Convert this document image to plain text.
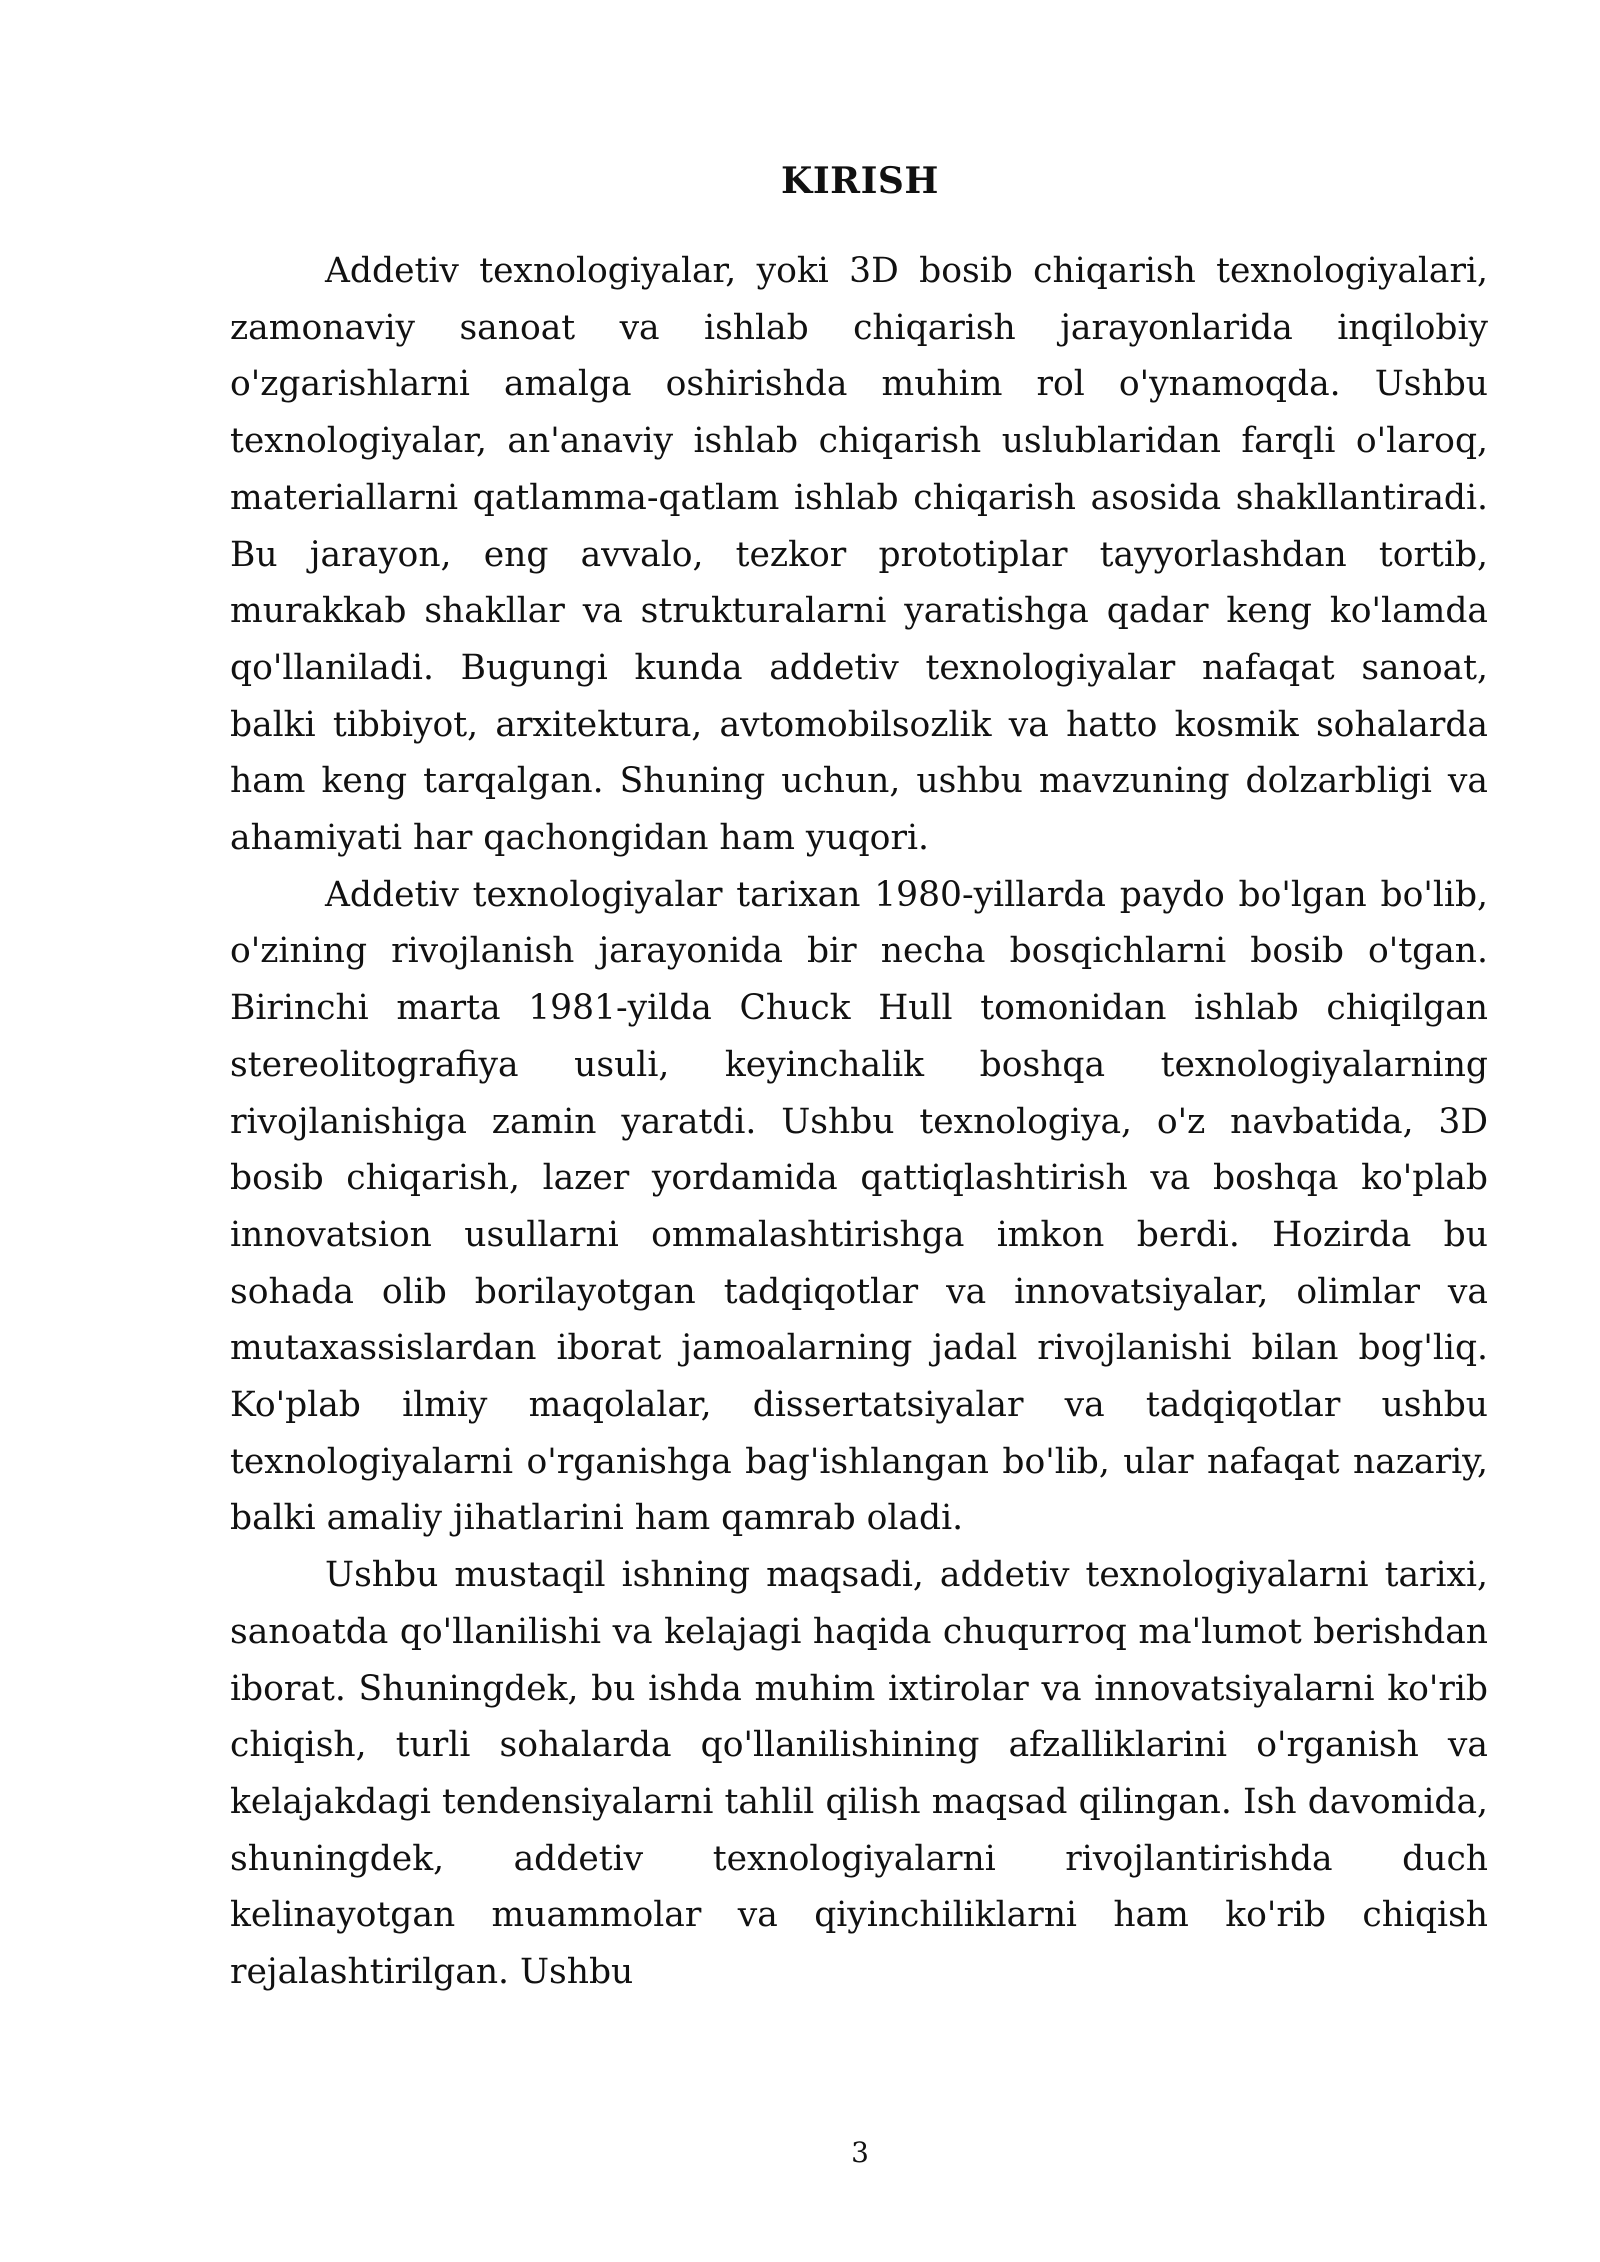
KIRISH

Addetiv texnologiyalar, yoki 3D bosib chiqarish texnologiyalari, zamonaviy sanoat va ishlab chiqarish jarayonlarida inqilobiy o'zgarishlarni amalga oshirishda muhim rol o'ynamoqda. Ushbu texnologiyalar, an'anaviy ishlab chiqarish uslublaridan farqli o'laroq, materiallarni qatlamma-qatlam ishlab chiqarish asosida shakllantiradi. Bu jarayon, eng avvalo, tezkor prototiplar tayyorlashdan tortib, murakkab shakllar va strukturalarni yaratishga qadar keng ko'lamda qo'llaniladi. Bugungi kunda addetiv texnologiyalar nafaqat sanoat, balki tibbiyot, arxitektura, avtomobilsozlik va hatto kosmik sohalarda ham keng tarqalgan. Shuning uchun, ushbu mavzuning dolzarbligi va ahamiyati har qachongidan ham yuqori.

Addetiv texnologiyalar tarixan 1980-yillarda paydo bo'lgan bo'lib, o'zining rivojlanish jarayonida bir necha bosqichlarni bosib o'tgan. Birinchi marta 1981-yilda Chuck Hull tomonidan ishlab chiqilgan stereolitografiya usuli, keyinchalik boshqa texnologiyalarning rivojlanishiga zamin yaratdi. Ushbu texnologiya, o'z navbatida, 3D bosib chiqarish, lazer yordamida qattiqlashtirish va boshqa ko'plab innovatsion usullarni ommalashtirishga imkon berdi. Hozirda bu sohada olib borilayotgan tadqiqotlar va innovatsiyalar, olimlar va mutaxassislardan iborat jamoalarning jadal rivojlanishi bilan bog'liq. Ko'plab ilmiy maqolalar, dissertatsiyalar va tadqiqotlar ushbu texnologiyalarni o'rganishga bag'ishlangan bo'lib, ular nafaqat nazariy, balki amaliy jihatlarini ham qamrab oladi.

Ushbu mustaqil ishning maqsadi, addetiv texnologiyalarni tarixi, sanoatda qo'llanilishi va kelajagi haqida chuqurroq ma'lumot berishdan iborat. Shuningdek, bu ishda muhim ixtirolar va innovatsiyalarni ko'rib chiqish, turli sohalarda qo'llanilishining afzalliklarini o'rganish va kelajakdagi tendensiyalarni tahlil qilish maqsad qilingan. Ish davomida, shuningdek, addetiv texnologiyalarni rivojlantirishda duch kelinayotgan muammolar va qiyinchiliklarni ham ko'rib chiqish rejalashtirilgan. Ushbu

3
